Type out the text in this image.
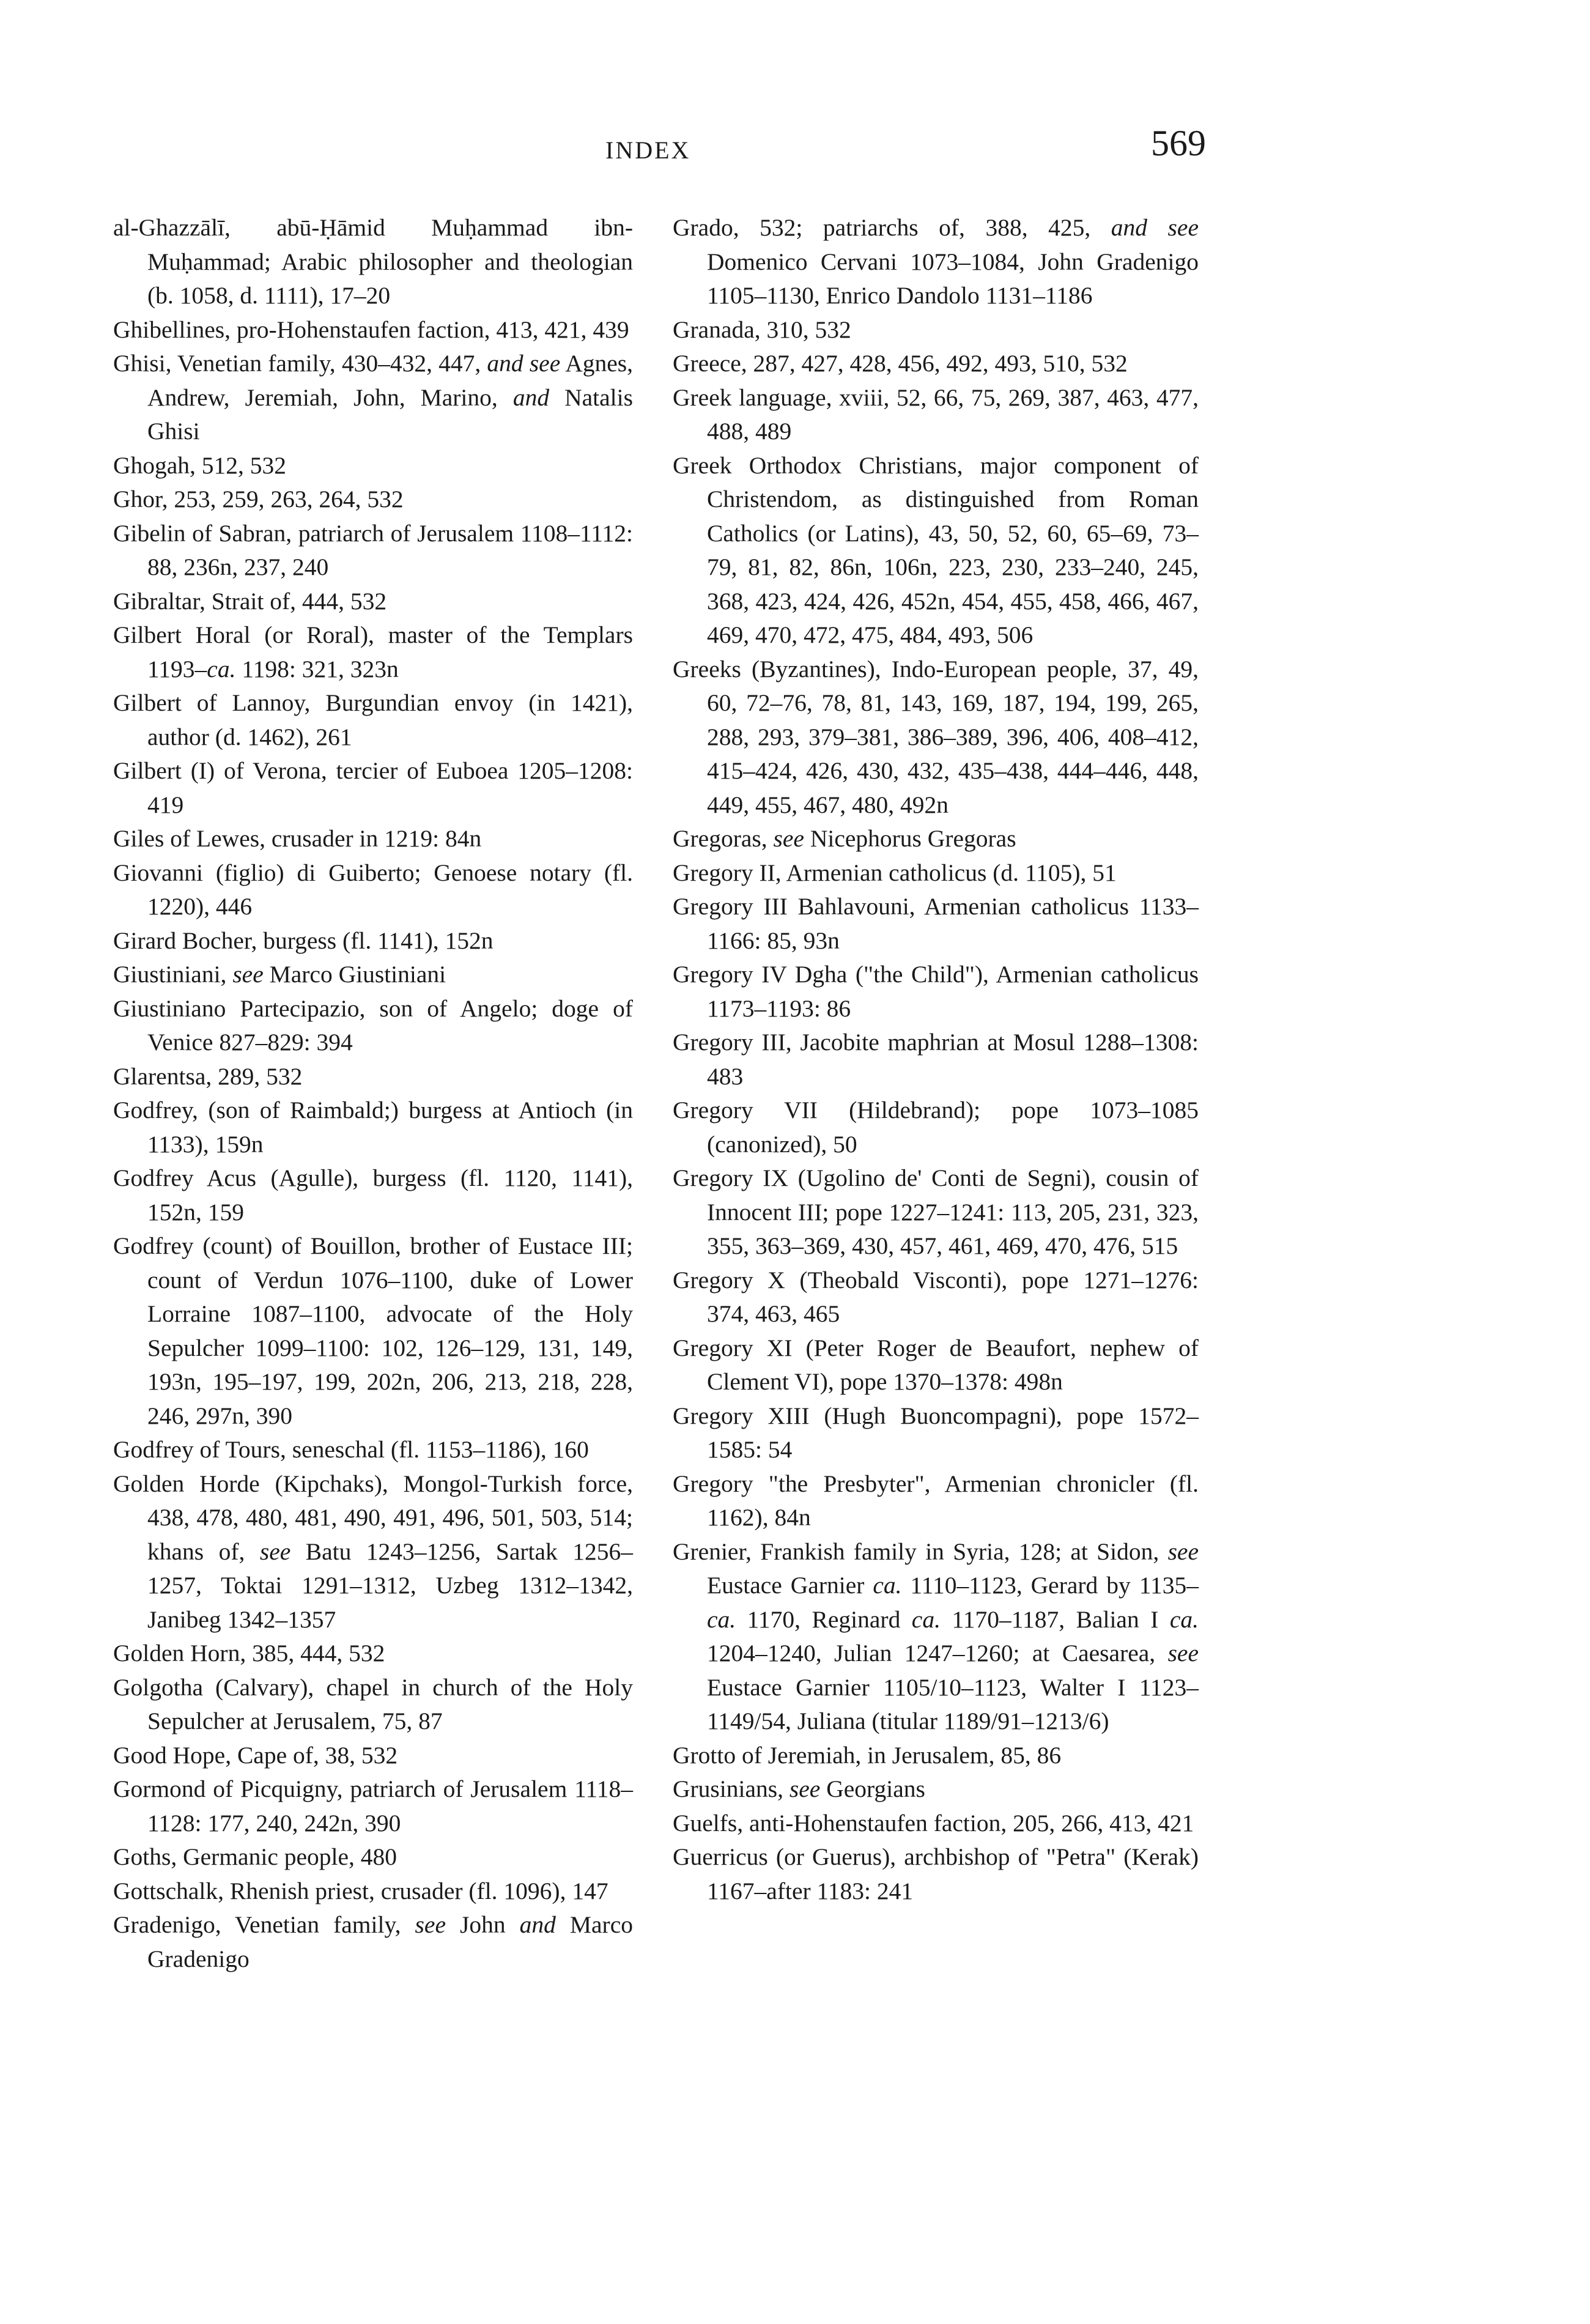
INDEX	569
al-Ghazzālī, abū-Ḥāmid Muḥammad ibn-Muḥammad; Arabic philosopher and theologian (b. 1058, d. 1111), 17–20
Ghibellines, pro-Hohenstaufen faction, 413, 421, 439
Ghisi, Venetian family, 430–432, 447, and see Agnes, Andrew, Jeremiah, John, Marino, and Natalis Ghisi
Ghogah, 512, 532
Ghor, 253, 259, 263, 264, 532
Gibelin of Sabran, patriarch of Jerusalem 1108–1112: 88, 236n, 237, 240
Gibraltar, Strait of, 444, 532
Gilbert Horal (or Roral), master of the Templars 1193–ca. 1198: 321, 323n
Gilbert of Lannoy, Burgundian envoy (in 1421), author (d. 1462), 261
Gilbert (I) of Verona, tercier of Euboea 1205–1208: 419
Giles of Lewes, crusader in 1219: 84n
Giovanni (figlio) di Guiberto; Genoese notary (fl. 1220), 446
Girard Bocher, burgess (fl. 1141), 152n
Giustiniani, see Marco Giustiniani
Giustiniano Partecipazio, son of Angelo; doge of Venice 827–829: 394
Glarentsa, 289, 532
Godfrey, (son of Raimbald;) burgess at Antioch (in 1133), 159n
Godfrey Acus (Agulle), burgess (fl. 1120, 1141), 152n, 159
Godfrey (count) of Bouillon, brother of Eustace III; count of Verdun 1076–1100, duke of Lower Lorraine 1087–1100, advocate of the Holy Sepulcher 1099–1100: 102, 126–129, 131, 149, 193n, 195–197, 199, 202n, 206, 213, 218, 228, 246, 297n, 390
Godfrey of Tours, seneschal (fl. 1153–1186), 160
Golden Horde (Kipchaks), Mongol-Turkish force, 438, 478, 480, 481, 490, 491, 496, 501, 503, 514; khans of, see Batu 1243–1256, Sartak 1256–1257, Toktai 1291–1312, Uzbeg 1312–1342, Janibeg 1342–1357
Golden Horn, 385, 444, 532
Golgotha (Calvary), chapel in church of the Holy Sepulcher at Jerusalem, 75, 87
Good Hope, Cape of, 38, 532
Gormond of Picquigny, patriarch of Jerusalem 1118–1128: 177, 240, 242n, 390
Goths, Germanic people, 480
Gottschalk, Rhenish priest, crusader (fl. 1096), 147
Gradenigo, Venetian family, see John and Marco Gradenigo
Grado, 532; patriarchs of, 388, 425, and see Domenico Cervani 1073–1084, John Gradenigo 1105–1130, Enrico Dandolo 1131–1186
Granada, 310, 532
Greece, 287, 427, 428, 456, 492, 493, 510, 532
Greek language, xviii, 52, 66, 75, 269, 387, 463, 477, 488, 489
Greek Orthodox Christians, major component of Christendom, as distinguished from Roman Catholics (or Latins), 43, 50, 52, 60, 65–69, 73–79, 81, 82, 86n, 106n, 223, 230, 233–240, 245, 368, 423, 424, 426, 452n, 454, 455, 458, 466, 467, 469, 470, 472, 475, 484, 493, 506
Greeks (Byzantines), Indo-European people, 37, 49, 60, 72–76, 78, 81, 143, 169, 187, 194, 199, 265, 288, 293, 379–381, 386–389, 396, 406, 408–412, 415–424, 426, 430, 432, 435–438, 444–446, 448, 449, 455, 467, 480, 492n
Gregoras, see Nicephorus Gregoras
Gregory II, Armenian catholicus (d. 1105), 51
Gregory III Bahlavouni, Armenian catholicus 1133–1166: 85, 93n
Gregory IV Dgha ("the Child"), Armenian catholicus 1173–1193: 86
Gregory III, Jacobite maphrian at Mosul 1288–1308: 483
Gregory VII (Hildebrand); pope 1073–1085 (canonized), 50
Gregory IX (Ugolino de' Conti de Segni), cousin of Innocent III; pope 1227–1241: 113, 205, 231, 323, 355, 363–369, 430, 457, 461, 469, 470, 476, 515
Gregory X (Theobald Visconti), pope 1271–1276: 374, 463, 465
Gregory XI (Peter Roger de Beaufort, nephew of Clement VI), pope 1370–1378: 498n
Gregory XIII (Hugh Buoncompagni), pope 1572–1585: 54
Gregory "the Presbyter", Armenian chronicler (fl. 1162), 84n
Grenier, Frankish family in Syria, 128; at Sidon, see Eustace Garnier ca. 1110–1123, Gerard by 1135–ca. 1170, Reginard ca. 1170–1187, Balian I ca. 1204–1240, Julian 1247–1260; at Caesarea, see Eustace Garnier 1105/10–1123, Walter I 1123–1149/54, Juliana (titular 1189/91–1213/6)
Grotto of Jeremiah, in Jerusalem, 85, 86
Grusinians, see Georgians
Guelfs, anti-Hohenstaufen faction, 205, 266, 413, 421
Guerricus (or Guerus), archbishop of "Petra" (Kerak) 1167–after 1183: 241
